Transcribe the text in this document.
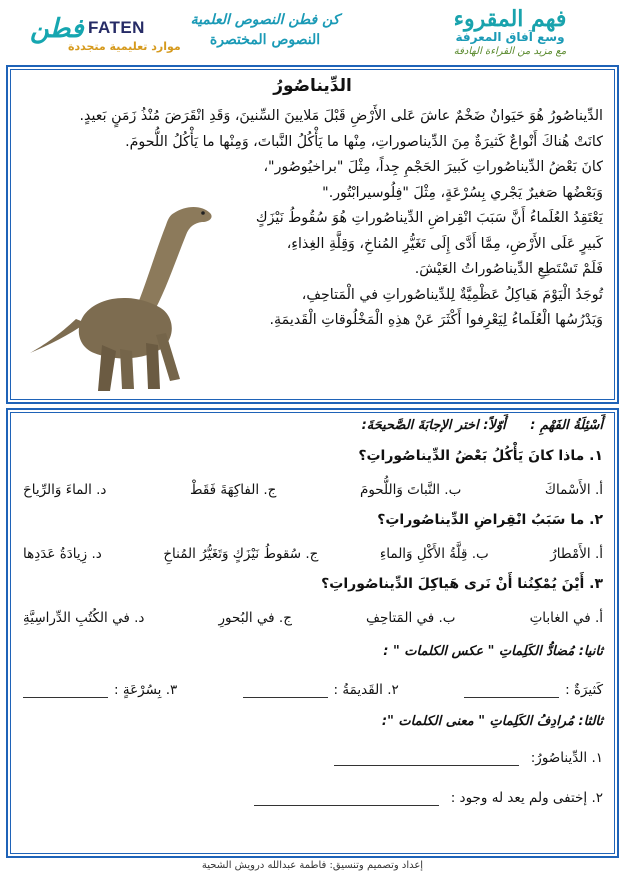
فطن FATEN
موارد تعليمية متجددة
كن فطن النصوص العلمية
النصوص المختصرة
فهم المقروء
وسع آفاق المعرفة
مع مزيد من القراءة الهادفة
الدِّيناصُورُ
الدِّيناصُورُ هُوَ حَيَوانٌ ضَخْمٌ عاشَ عَلى الأَرْضِ قَبْلَ مَلايينَ السِّنينَ، وَقَدِ انْقَرَضَ مُنْذُ زَمَنٍ بَعيدٍ.
كانَتْ هُناكَ أَنْواعٌ كَثيرَةٌ مِنَ الدِّيناصوراتِ، مِنْها ما يَأْكُلُ النَّباتَ، وَمِنْها ما يَأْكُلُ اللُّحومَ.
كانَ بَعْضُ الدِّيناصُوراتِ كَبيرَ الحَجْمِ جِداً، مِثْلَ "براخيُوصُور"،
وَبَعْضُها صَغيرٌ يَجْري بِسُرْعَةٍ، مِثْلَ "فِلُوسيرابْتُور."
يَعْتَقِدُ العُلَماءُ أَنَّ سَبَبَ انْقِراضِ الدِّيناصُوراتِ هُوَ سُقُوطُ نَيْزَكٍ
كَبيرٍ عَلَى الأَرْضِ، مِمَّا أَدَّى إِلَى تَغَيُّرِ المُناخِ، وَقِلَّةِ الغِذاءِ،
فَلَمْ تَسْتَطِعِ الدِّيناصُوراتُ العَيْشَ.
تُوجَدُ الْيَوْمَ هَياكِلُ عَظْمِيَّةٌ لِلدِّيناصُوراتِ في الْمَتاحِفِ،
وَيَدْرُسُها الْعُلَماءُ لِيَعْرِفوا أَكْثَرَ عَنْ هذِهِ الْمَخْلُوقاتِ الْقَديمَةِ.
أَسْئِلَةُ الفَهْمِ : أَوّلاً: اختر الإجابَةَ الصَّحيحَةَ:
١. ماذا كانَ يَأْكُلُ بَعْضُ الدِّيناصُوراتِ؟
أ. الأَسْماكَ
ب. النَّباتَ وَاللُّحومَ
ج. الفاكِهَةَ فَقَطْ
د. الماءَ وَالرِّياحَ
٢. ما سَبَبُ انْقِراضِ الدِّيناصُوراتِ؟
أ. الأَمْطارُ
ب. قِلَّةُ الأَكْلِ وَالماءِ
ج. سُقوطُ نَيْزَكٍ وَتَغَيُّرُ المُناخِ
د. زِيادَةُ عَدَدِها
٣. أَيْنَ يُمْكِنُنا أَنْ نَرى هَياكِلَ الدِّيناصُوراتِ؟
أ. في الغاباتِ
ب. في المَتاحِفِ
ج. في البُحورِ
د. في الكُتُبِ الدِّراسِيَّةِ
ثانيا: مُضادُّ الكَلِماتِ " عكس الكلمات " :
كَثيرَةٌ :
٢. القَديمَةُ :
٣. بِسُرْعَةٍ :
ثالثا: مُرادِفُ الكَلِماتِ " معنى الكلمات ":
١. الدِّيناصُورُ:
٢. إختفى ولم يعد له وجود :
إعداد وتصميم وتنسيق: فاطمة عبدالله درويش الشحية
